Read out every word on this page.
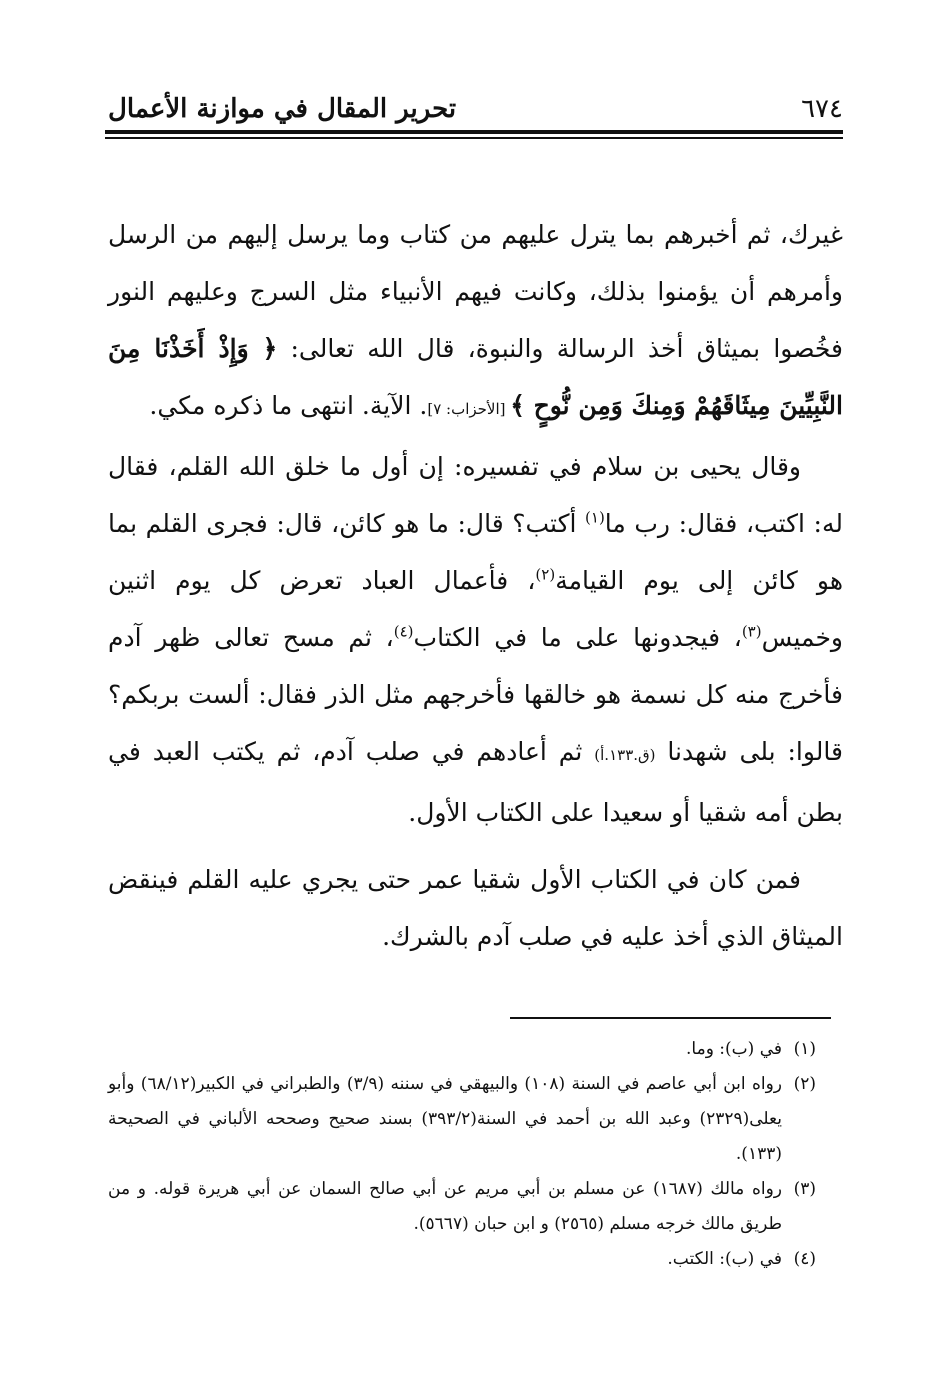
٦٧٤
تحرير المقال في موازنة الأعمال

غيرك، ثم أخبرهم بما يترل عليهم من كتاب وما يرسل إليهم من الرسل وأمرهم أن يؤمنوا بذلك، وكانت فيهم الأنبياء مثل السرج وعليهم النور فخُصوا بميثاق أخذ الرسالة والنبوة، قال الله تعالى: ﴿ وَإِذْ أَخَذْنَا مِنَ النَّبِيِّينَ مِيثَاقَهُمْ وَمِنكَ وَمِن نُّوحٍ ﴾ [الأحزاب: ٧]. الآية. انتهى ما ذكره مكي.

وقال يحيى بن سلام في تفسيره: إن أول ما خلق الله القلم، فقال له: اكتب، فقال: رب ما$^{(١)}$ أكتب؟ قال: ما هو كائن، قال: فجرى القلم بما هو كائن إلى يوم القيامة$^{(٢)}$، فأعمال العباد تعرض كل يوم اثنين وخميس$^{(٣)}$، فيجدونها على ما في الكتاب$^{(٤)}$، ثم مسح تعالى ظهر آدم فأخرج منه كل نسمة هو خالقها فأخرجهم مثل الذر فقال: ألست بربكم؟ قالوا: بلى شهدنا (ق.١٣٣.أ) ثم أعادهم في صلب آدم، ثم يكتب العبد في بطن أمه شقيا أو سعيدا على الكتاب الأول.

فمن كان في الكتاب الأول شقيا عمر حتى يجري عليه القلم فينقض الميثاق الذي أخذ عليه في صلب آدم بالشرك.

(١)
في (ب): وما.

(٢)
رواه ابن أبي عاصم في السنة (١٠٨) والبيهقي في سننه (٣/٩) والطبراني في الكبير(٦٨/١٢) وأبو يعلى(٢٣٢٩) وعبد الله بن أحمد في السنة(٣٩٣/٢) بسند صحيح وصححه الألباني في الصحيحة (١٣٣).

(٣)
رواه مالك (١٦٨٧) عن مسلم بن أبي مريم عن أبي صالح السمان عن أبي هريرة قوله. و من طريق مالك خرجه مسلم (٢٥٦٥) و ابن حبان (٥٦٦٧).

(٤)
في (ب): الكتب.
